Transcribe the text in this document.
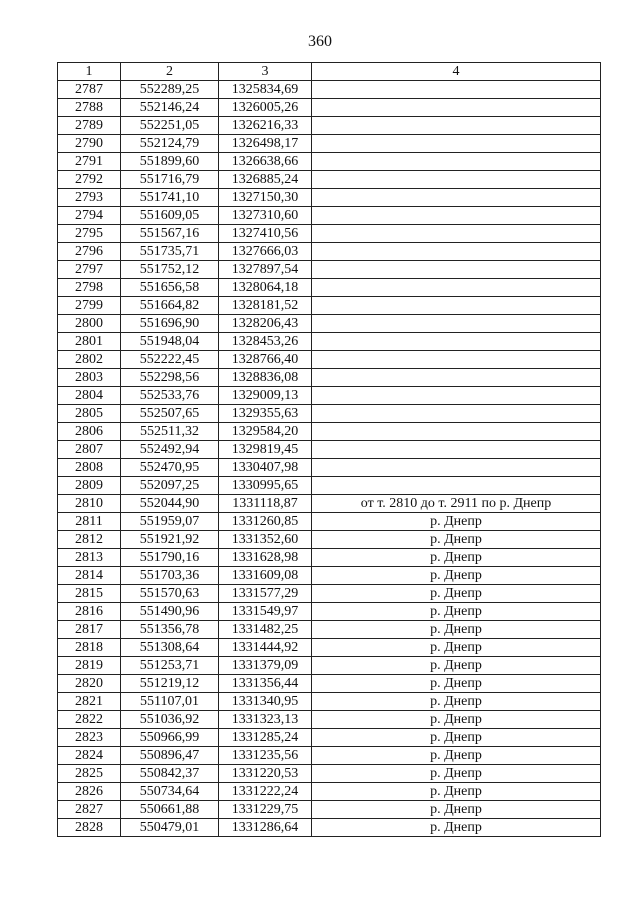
360
1	2	3	4
2787	552289,25	1325834,69	
2788	552146,24	1326005,26	
2789	552251,05	1326216,33	
2790	552124,79	1326498,17	
2791	551899,60	1326638,66	
2792	551716,79	1326885,24	
2793	551741,10	1327150,30	
2794	551609,05	1327310,60	
2795	551567,16	1327410,56	
2796	551735,71	1327666,03	
2797	551752,12	1327897,54	
2798	551656,58	1328064,18	
2799	551664,82	1328181,52	
2800	551696,90	1328206,43	
2801	551948,04	1328453,26	
2802	552222,45	1328766,40	
2803	552298,56	1328836,08	
2804	552533,76	1329009,13	
2805	552507,65	1329355,63	
2806	552511,32	1329584,20	
2807	552492,94	1329819,45	
2808	552470,95	1330407,98	
2809	552097,25	1330995,65	
2810	552044,90	1331118,87	от т. 2810 до т. 2911 по р. Днепр
2811	551959,07	1331260,85	р. Днепр
2812	551921,92	1331352,60	р. Днепр
2813	551790,16	1331628,98	р. Днепр
2814	551703,36	1331609,08	р. Днепр
2815	551570,63	1331577,29	р. Днепр
2816	551490,96	1331549,97	р. Днепр
2817	551356,78	1331482,25	р. Днепр
2818	551308,64	1331444,92	р. Днепр
2819	551253,71	1331379,09	р. Днепр
2820	551219,12	1331356,44	р. Днепр
2821	551107,01	1331340,95	р. Днепр
2822	551036,92	1331323,13	р. Днепр
2823	550966,99	1331285,24	р. Днепр
2824	550896,47	1331235,56	р. Днепр
2825	550842,37	1331220,53	р. Днепр
2826	550734,64	1331222,24	р. Днепр
2827	550661,88	1331229,75	р. Днепр
2828	550479,01	1331286,64	р. Днепр
